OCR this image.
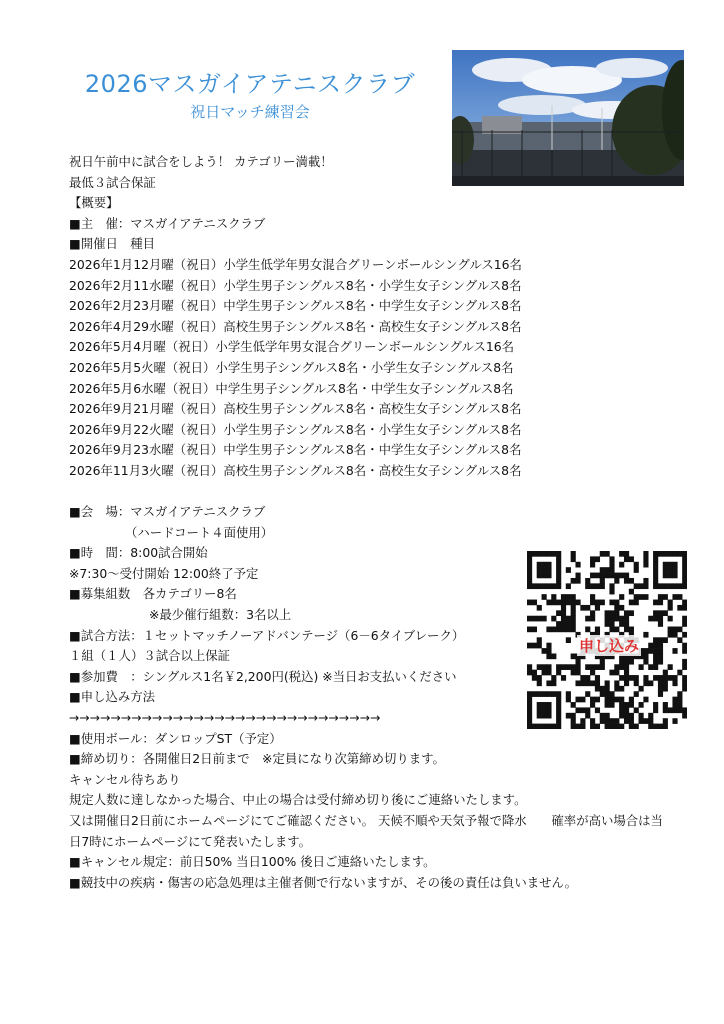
2026マスガイアテニスクラブ
祝日マッチ練習会
祝日午前中に試合をしよう！ カテゴリー満載！
最低３試合保証
【概要】
■主　催：マスガイアテニスクラブ
■開催日　種目
2026年1月12月曜（祝日）小学生低学年男女混合グリーンボールシングルス16名
2026年2月11水曜（祝日）小学生男子シングルス8名・小学生女子シングルス8名
2026年2月23月曜（祝日）中学生男子シングルス8名・中学生女子シングルス8名
2026年4月29水曜（祝日）高校生男子シングルス8名・高校生女子シングルス8名
2026年5月4月曜（祝日）小学生低学年男女混合グリーンボールシングルス16名
2026年5月5火曜（祝日）小学生男子シングルス8名・小学生女子シングルス8名
2026年5月6水曜（祝日）中学生男子シングルス8名・中学生女子シングルス8名
2026年9月21月曜（祝日）高校生男子シングルス8名・高校生女子シングルス8名
2026年9月22火曜（祝日）小学生男子シングルス8名・小学生女子シングルス8名
2026年9月23水曜（祝日）中学生男子シングルス8名・中学生女子シングルス8名
2026年11月3火曜（祝日）高校生男子シングルス8名・高校生女子シングルス8名
■会　場：マスガイアテニスクラブ
（ハードコート４面使用）
■時　間：8:00試合開始
※7:30〜受付開始 12:00終了予定
■募集組数　各カテゴリー8名
※最少催行組数：3名以上
■試合方法：１セットマッチノーアドバンテージ（6－6タイブレーク）
１組（１人）３試合以上保証
■参加費　：シングルス1名￥2,200円(税込) ※当日お支払いください
■申し込み方法
→→→→→→→→→→→→→→→→→→→→→→→→→→→→→→
■使用ボール：ダンロップST（予定）
■締め切り：各開催日2日前まで　※定員になり次第締め切ります。
キャンセル待ちあり
規定人数に達しなかった場合、中止の場合は受付締め切り後にご連絡いたします。
又は開催日2日前にホームページにてご確認ください。 天候不順や天気予報で降水　　確率が高い場合は当日7時にホームページにて発表いたします。
■キャンセル規定：前日50% 当日100% 後日ご連絡いたします。
■競技中の疾病・傷害の応急処理は主催者側で行ないますが、その後の責任は負いません。
申し込み
